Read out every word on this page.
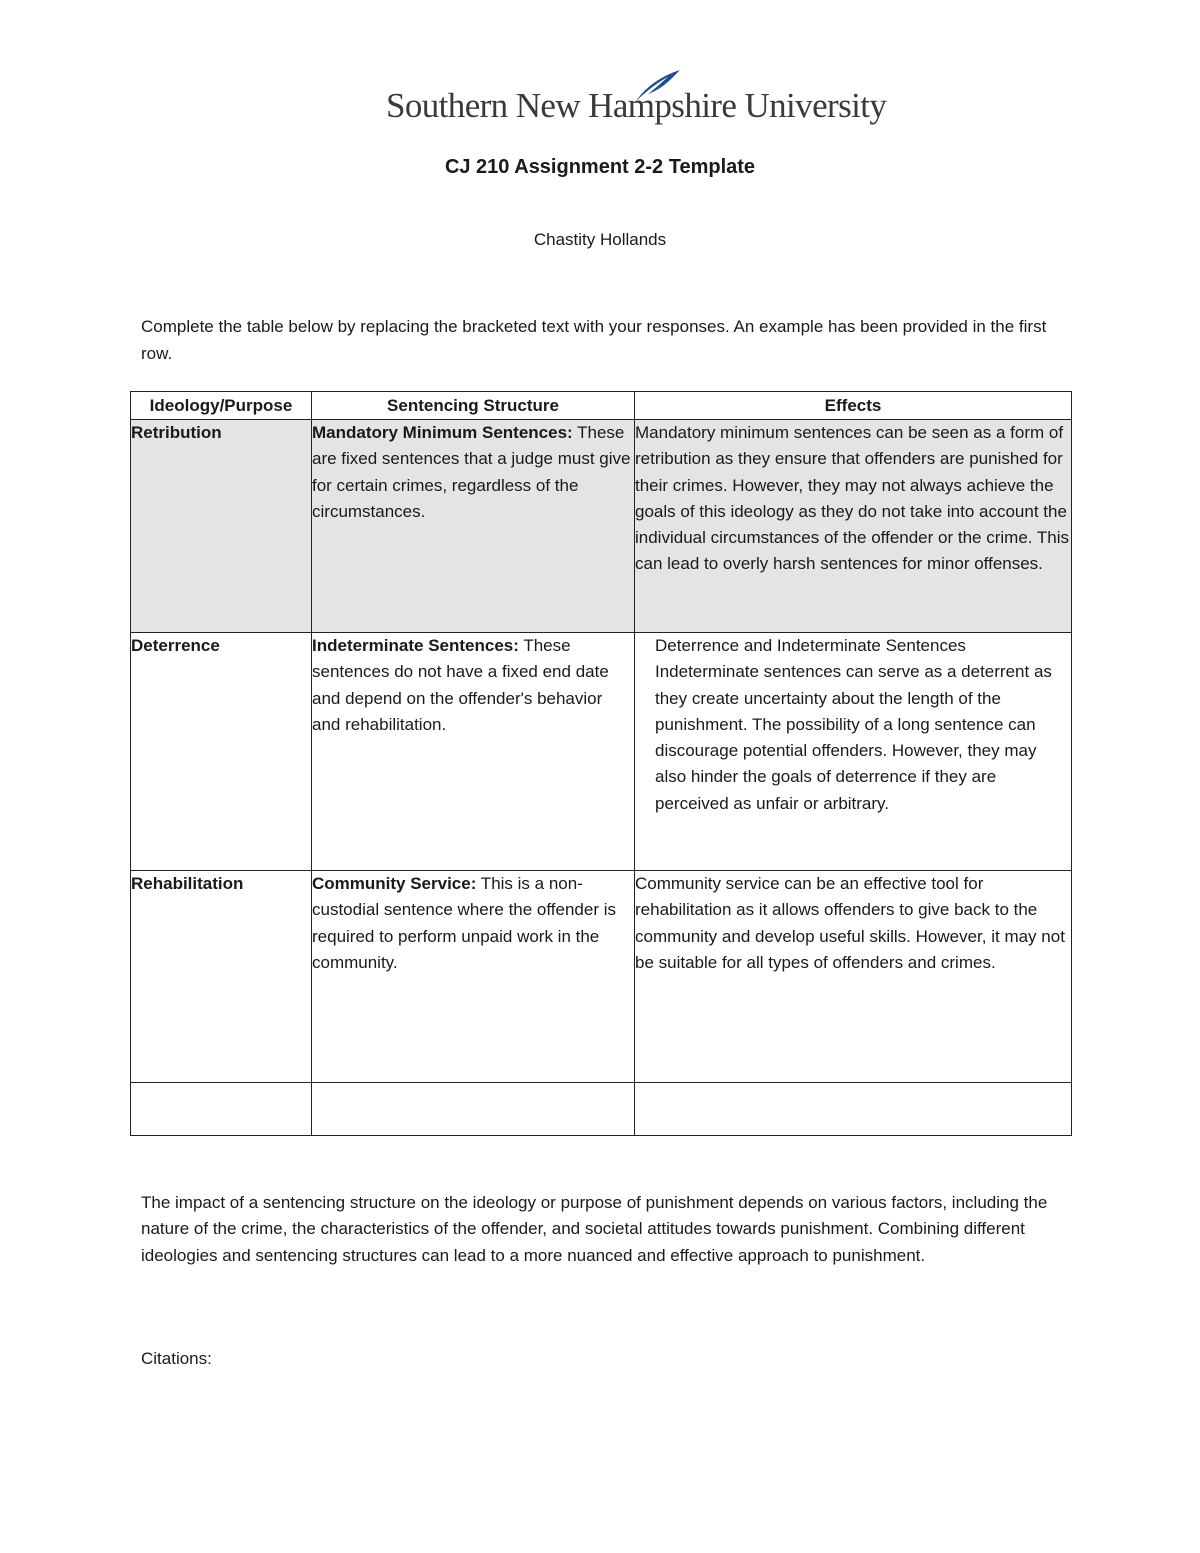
Southern New Hampshire University
CJ 210 Assignment 2-2 Template
Chastity Hollands
Complete the table below by replacing the bracketed text with your responses. An example has been provided in the first row.
Ideology/Purpose	Sentencing Structure	Effects
Retribution	Mandatory Minimum Sentences: These are fixed sentences that a judge must give for certain crimes, regardless of the circumstances.	Mandatory minimum sentences can be seen as a form of retribution as they ensure that offenders are punished for their crimes. However, they may not always achieve the goals of this ideology as they do not take into account the individual circumstances of the offender or the crime. This can lead to overly harsh sentences for minor offenses.
Deterrence	Indeterminate Sentences: These sentences do not have a fixed end date and depend on the offender's behavior and rehabilitation.	Deterrence and Indeterminate Sentences
Indeterminate sentences can serve as a deterrent as they create uncertainty about the length of the punishment. The possibility of a long sentence can discourage potential offenders. However, they may also hinder the goals of deterrence if they are perceived as unfair or arbitrary.

Rehabilitation	Community Service: This is a non-custodial sentence where the offender is required to perform unpaid work in the community.	Community service can be an effective tool for rehabilitation as it allows offenders to give back to the community and develop useful skills. However, it may not be suitable for all types of offenders and crimes.

The impact of a sentencing structure on the ideology or purpose of punishment depends on various factors, including the nature of the crime, the characteristics of the offender, and societal attitudes towards punishment. Combining different ideologies and sentencing structures can lead to a more nuanced and effective approach to punishment.
Citations:
